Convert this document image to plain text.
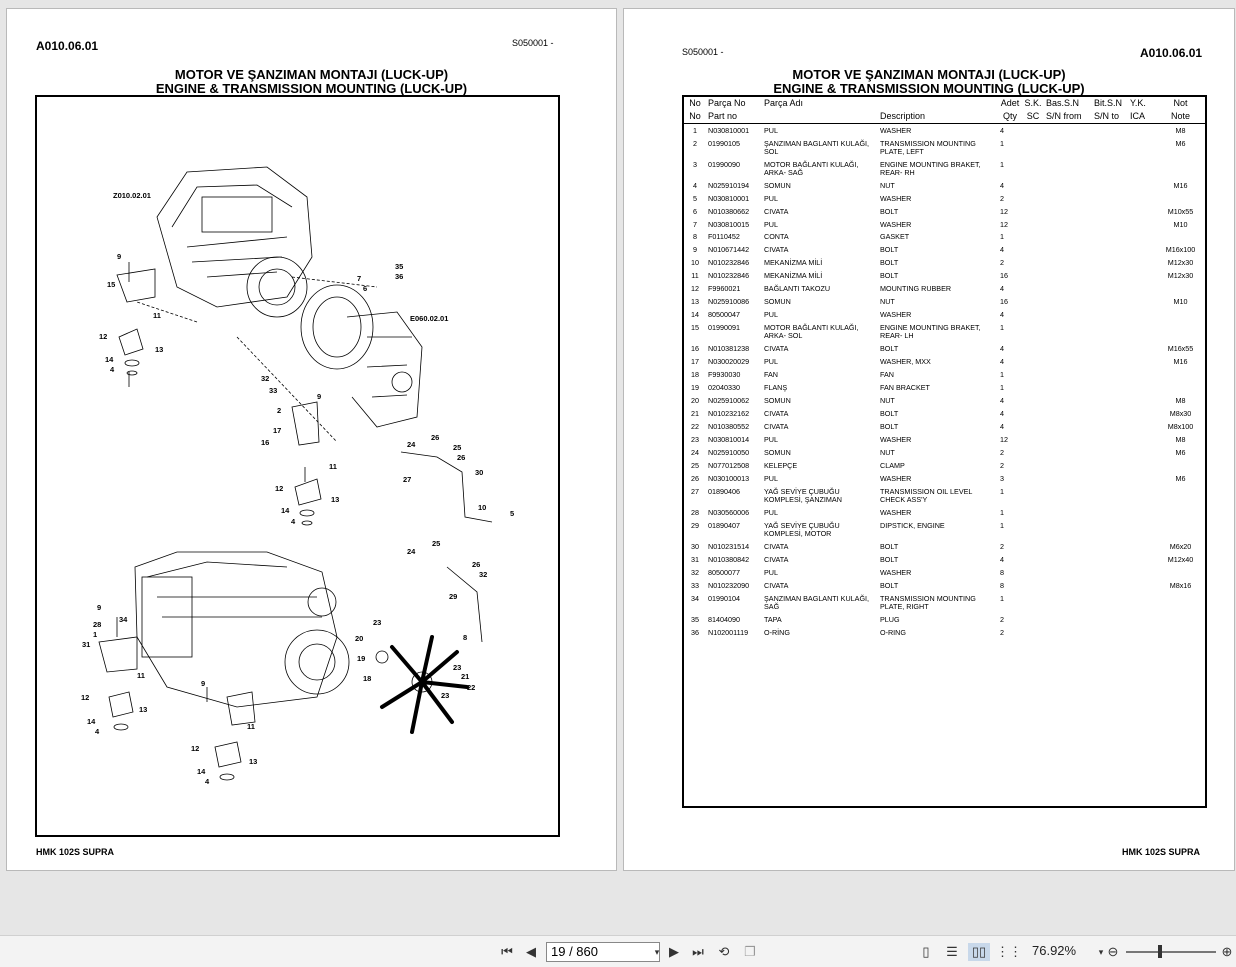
A010.06.01	S050001 -
MOTOR VE ŞANZIMAN MONTAJI (LUCK-UP)
ENGINE & TRANSMISSION MOUNTING (LUCK-UP)
Z010.02.01
E060.02.01
9
15
11
12
13
14
4
7
6
35
36
32
33
9
2
17
16
11
12
13
14
4
26
24	25
26
30
27
10
5
25
24
26
32
29
8
23
20
19
18
23
21
22
23
9
34
28
1
31
11
12
13
14
4
9
11
12
13
14
4
HMK 102S SUPRA
S050001 -	A010.06.01
MOTOR VE ŞANZIMAN MONTAJI (LUCK-UP)
ENGINE & TRANSMISSION MOUNTING (LUCK-UP)
No	Parça No	Parça Adı		Adet	S.K.	Bas.S.N	Bit.S.N	Y.K.	Not
No	Part no		Description	Qty	SC	S/N from	S/N to	ICA	Note
1	N030810001	PUL	WASHER	4					M8
2	01990105	ŞANZIMAN BAGLANTI KULAĞI, SOL	TRANSMISSION MOUNTING PLATE, LEFT	1					M6
3	01990090	MOTOR BAĞLANTI KULAĞI, ARKA- SAĞ	ENGINE MOUNTING BRAKET, REAR- RH	1					
4	N025910194	SOMUN	NUT	4					M16
5	N030810001	PUL	WASHER	2					
6	N010380662	CIVATA	BOLT	12					M10x55
7	N030810015	PUL	WASHER	12					M10
8	F0110452	CONTA	GASKET	1					
9	N010671442	CIVATA	BOLT	4					M16x100
10	N010232846	MEKANİZMA MİLİ	BOLT	2					M12x30
11	N010232846	MEKANİZMA MİLİ	BOLT	16					M12x30
12	F9960021	BAĞLANTI TAKOZU	MOUNTING RUBBER	4					
13	N025910086	SOMUN	NUT	16					M10
14	80500047	PUL	WASHER	4					
15	01990091	MOTOR BAĞLANTI KULAĞI, ARKA- SOL	ENGINE MOUNTING BRAKET, REAR- LH	1					
16	N010381238	CIVATA	BOLT	4					M16x55
17	N030020029	PUL	WASHER, MXX	4					M16
18	F9930030	FAN	FAN	1					
19	02040330	FLANŞ	FAN BRACKET	1					
20	N025910062	SOMUN	NUT	4					M8
21	N010232162	CIVATA	BOLT	4					M8x30
22	N010380552	CIVATA	BOLT	4					M8x100
23	N030810014	PUL	WASHER	12					M8
24	N025910050	SOMUN	NUT	2					M6
25	N077012508	KELEPÇE	CLAMP	2					
26	N030100013	PUL	WASHER	3					M6
27	01890406	YAĞ SEVİYE ÇUBUĞU KOMPLESİ, ŞANZIMAN	TRANSMISSION OIL LEVEL CHECK ASS'Y	1					
28	N030560006	PUL	WASHER	1					
29	01890407	YAĞ SEVİYE ÇUBUĞU KOMPLESİ, MOTOR	DIPSTICK, ENGINE	1					
30	N010231514	CIVATA	BOLT	2					M6x20
31	N010380842	CIVATA	BOLT	4					M12x40
32	80500077	PUL	WASHER	8					
33	N010232090	CIVATA	BOLT	8					M8x16
34	01990104	ŞANZIMAN BAGLANTI KULAĞI, SAĞ	TRANSMISSION MOUNTING PLATE, RIGHT	1					
35	81404090	TAPA	PLUG	2					
36	N102001119	O-RİNG	O-RING	2					
HMK 102S SUPRA
⏮	◀	19 / 860	▾ ▶	⏭ ⟲ ❐	▯	☰ ▯▯ ⋮⋮ 76.92%	▾ ⊖	⊕
